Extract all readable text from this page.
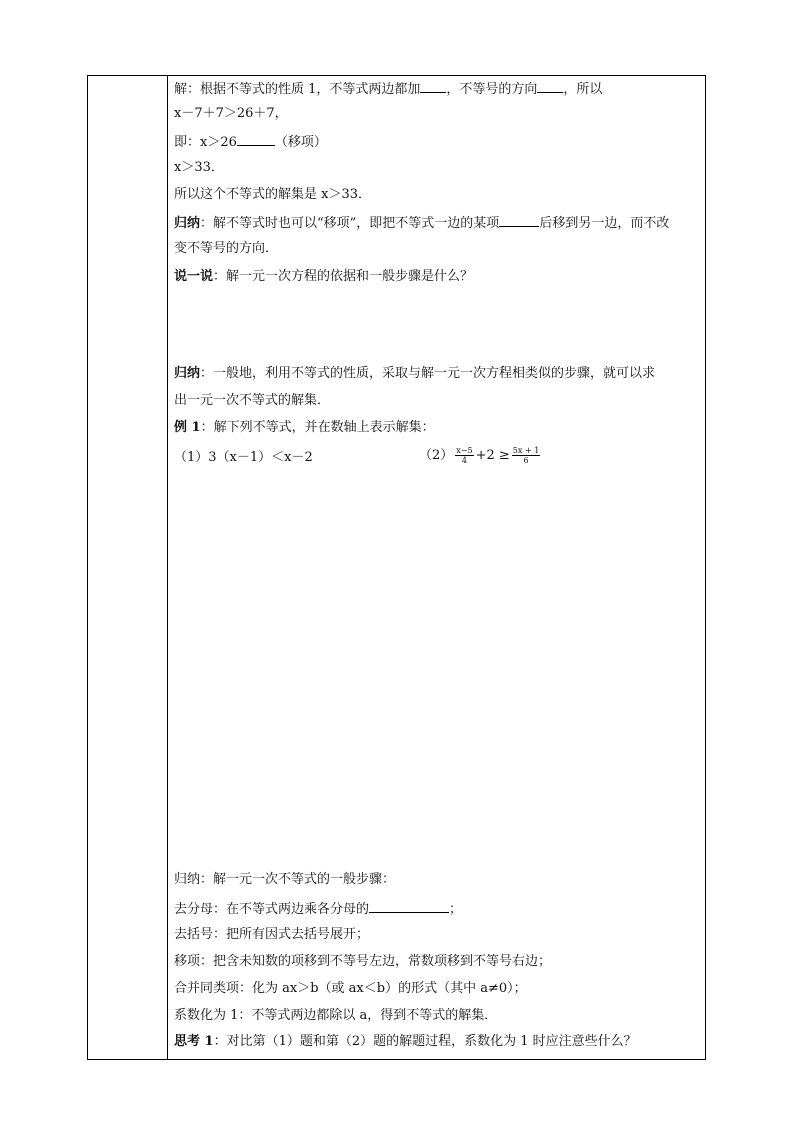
解：根据不等式的性质 1，不等式两边都加 ，不等号的方向 ，所以
x－7＋7＞26＋7，
即：x＞26	（移项）
x＞33．
所以这个不等式的解集是 x＞33．
归纳：解不等式时也可以“移项”，即把不等式一边的某项	后移到另一边，而不改
变不等号的方向．
说一说：解一元一次方程的依据和一般步骤是什么？
归纳：一般地，利用不等式的性质，采取与解一元一次方程相类似的步骤，就可以求
出一元一次不等式的解集．
例 1：解下列不等式，并在数轴上表示解集：
（1）3（x－1）＜x－2	$(2) \frac{x-5}{4} +2 \ge \frac{5x + 1}{6}$
归纳：解一元一次不等式的一般步骤：
去分母：在不等式两边乘各分母的	；
去括号：把所有因式去括号展开；
移项：把含未知数的项移到不等号左边，常数项移到不等号右边；
合并同类项：化为 ax＞b（或 ax＜b）的形式（其中 a≠0）；
系数化为 1：不等式两边都除以 a，得到不等式的解集．
思考 1：对比第（1）题和第（2）题的解题过程，系数化为 1 时应注意些什么？
